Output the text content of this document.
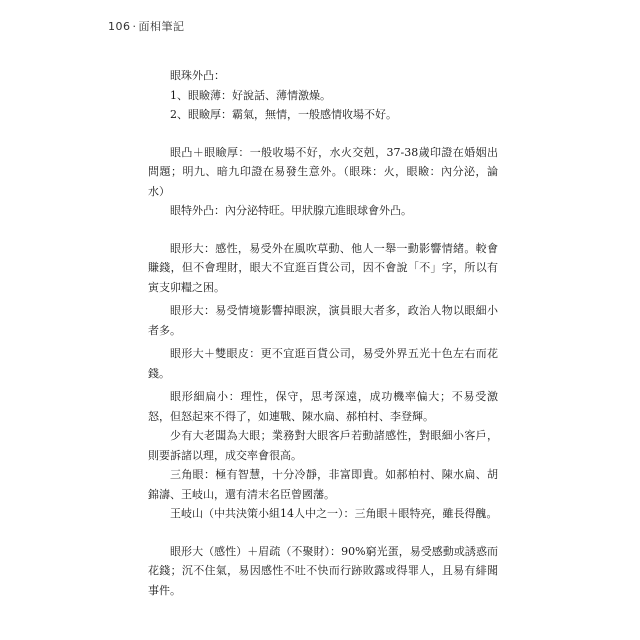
106 · 面相筆記

眼珠外凸：

1、眼瞼薄：好說話、薄情激燥。

2、眼瞼厚：霸氣，無情，一般感情收場不好。

眼凸＋眼瞼厚：一般收場不好，水火交剋，37-38歲印證在婚姻出問題；明九、暗九印證在易發生意外。（眼珠：火，眼瞼：內分泌，論水）

眼特外凸：內分泌特旺。甲狀腺亢進眼球會外凸。

眼形大：感性，易受外在風吹草動、他人一舉一動影響情緒。較會賺錢，但不會理財，眼大不宜逛百貨公司，因不會說「不」字，所以有寅支卯糧之困。

眼形大：易受情境影響掉眼淚，演員眼大者多，政治人物以眼細小者多。

眼形大＋雙眼皮：更不宜逛百貨公司，易受外界五光十色左右而花錢。

眼形細扁小：理性，保守，思考深遠，成功機率偏大；不易受激怒，但怒起來不得了，如連戰、陳水扁、郝柏村、李登輝。

少有大老闆為大眼；業務對大眼客戶若動諸感性，對眼細小客戶，則要訴諸以理，成交率會很高。

三角眼：極有智慧，十分冷靜，非富即貴。如郝柏村、陳水扁、胡錦濤、王岐山，還有清末名臣曾國藩。

王岐山（中共決策小組14人中之一）：三角眼＋眼特亮，雖長得醜。

眼形大（感性）＋眉疏（不聚財）：90%窮光蛋，易受感動或誘惑而花錢；沉不住氣，易因感性不吐不快而行跡敗露或得罪人，且易有緋聞事件。
